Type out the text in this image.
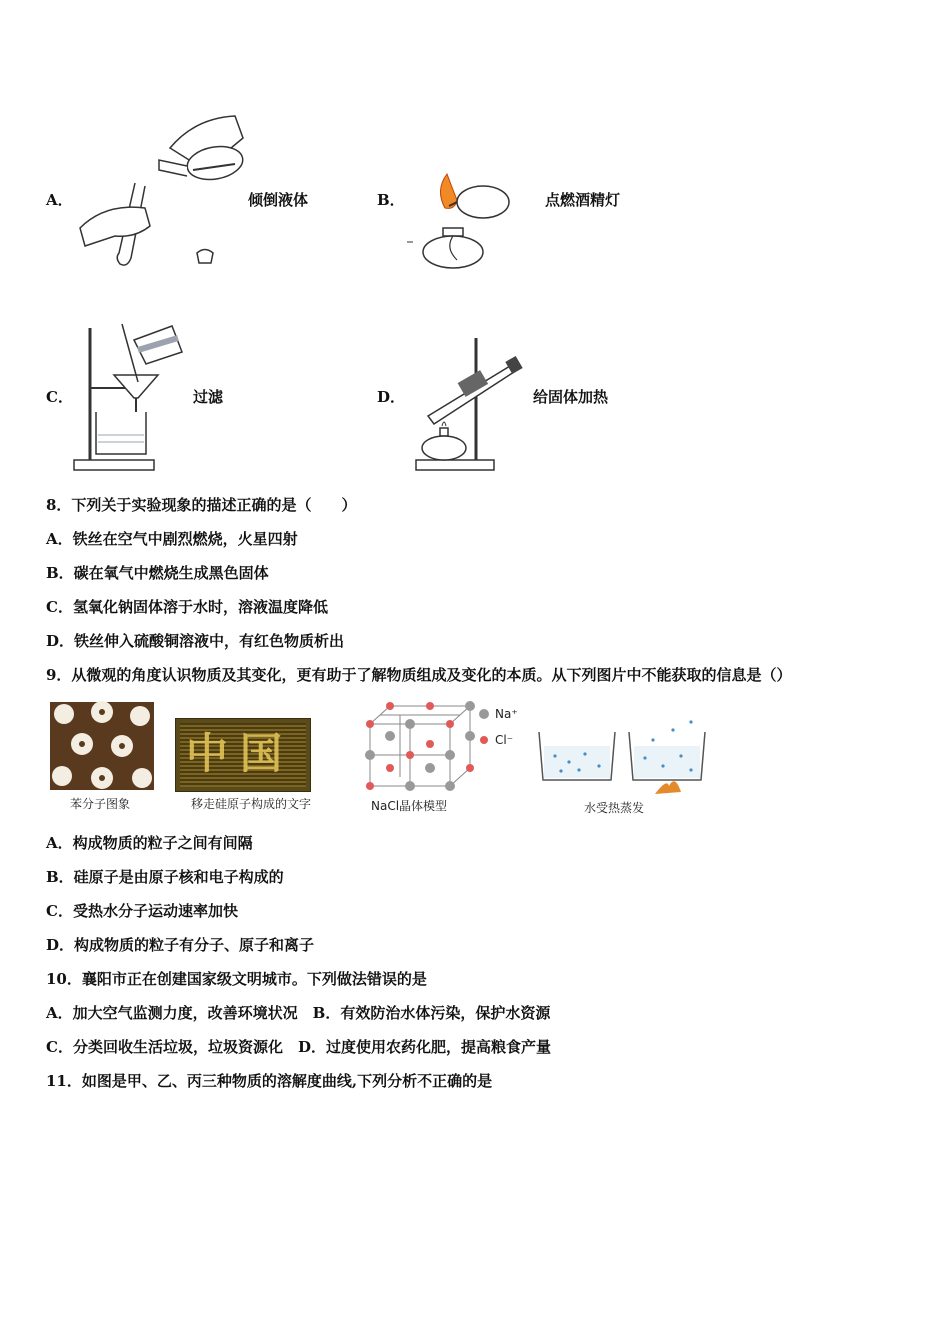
A．	倾倒液体	B．	点燃酒精灯
C．	过滤	D．	给固体加热
8．下列关于实验现象的描述正确的是（　　）
A．铁丝在空气中剧烈燃烧，火星四射
B．碳在氧气中燃烧生成黑色固体
C．氢氧化钠固体溶于水时，溶液温度降低
D．铁丝伸入硫酸铜溶液中，有红色物质析出
9．从微观的角度认识物质及其变化，更有助于了解物质组成及变化的本质。从下列图片中不能获取的信息是（）
苯分子图象
中国
移走硅原子构成的文字
Na⁺
Cl⁻
NaCl晶体模型	水受热蒸发
A．构成物质的粒子之间有间隔
B．硅原子是由原子核和电子构成的
C．受热水分子运动速率加快
D．构成物质的粒子有分子、原子和离子
10．襄阳市正在创建国家级文明城市。下列做法错误的是
A．加大空气监测力度，改善环境状况　B．有效防治水体污染，保护水资源
C．分类回收生活垃圾，垃圾资源化　D．过度使用农药化肥，提高粮食产量
11．如图是甲、乙、丙三种物质的溶解度曲线,下列分析不正确的是
